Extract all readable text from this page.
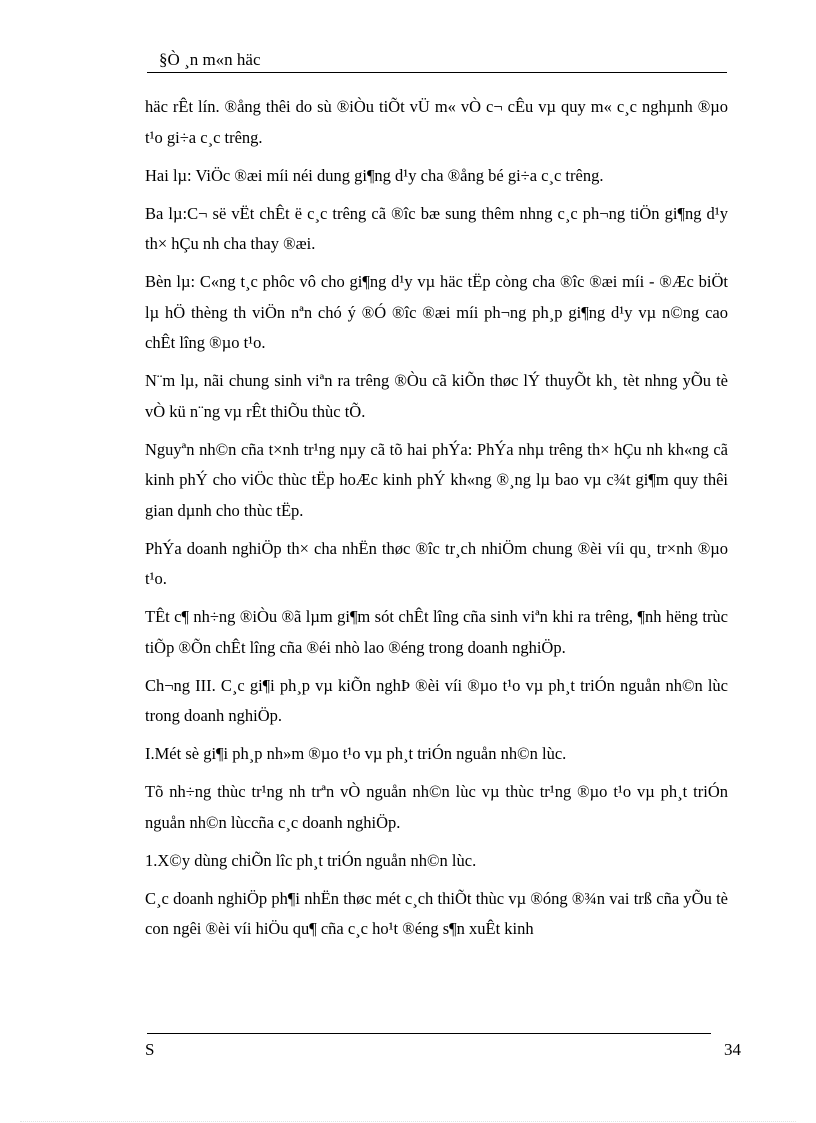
§Ò ¸n m«n häc

häc rÊt lín. ®ång thêi do sù ®iÒu tiÕt vÜ m« vÒ c¬ cÊu vµ quy m« c¸c nghµnh ®µo t¹o gi÷a c¸c trêng.

Hai lµ: ViÖc ®æi míi néi dung gi¶ng d¹y cha ®ång bé gi÷a c¸c trêng.

Ba lµ:C¬ së vËt chÊt ë c¸c trêng cã ®îc bæ sung thêm nhng c¸c ph¬ng tiÖn gi¶ng d¹y th× hÇu nh cha thay ®æi.

Bèn lµ: C«ng t¸c phôc vô cho gi¶ng d¹y vµ häc tËp còng cha ®îc ®æi míi - ®Æc biÖt lµ hÖ thèng th viÖn nªn chó ý ®Ó ®îc ®æi míi ph¬ng ph¸p gi¶ng d¹y vµ n©ng cao chÊt lîng ®µo t¹o.

N¨m lµ, nãi chung sinh viªn ra trêng ®Òu cã kiÕn thøc lÝ thuyÕt kh¸ tèt nhng yÕu tè vÒ kü n¨ng vµ rÊt thiÕu thùc tÕ.

Nguyªn nh©n cña t×nh tr¹ng nµy cã tõ hai phÝa: PhÝa nhµ trêng th× hÇu nh kh«ng cã kinh phÝ cho viÖc thùc tËp hoÆc kinh phÝ kh«ng ®¸ng lµ bao vµ c¾t gi¶m quy thêi gian dµnh cho thùc tËp.

PhÝa doanh nghiÖp th× cha nhËn thøc ®îc tr¸ch nhiÖm chung ®èi víi qu¸ tr×nh ®µo t¹o.

TÊt c¶ nh÷ng ®iÒu ®ã lµm gi¶m sót chÊt lîng cña sinh viªn khi ra trêng, ¶nh hëng trùc tiÕp ®Õn chÊt lîng cña ®éi nhò lao ®éng trong doanh nghiÖp.

Ch¬ng III. C¸c gi¶i ph¸p vµ kiÕn nghÞ ®èi víi ®µo t¹o vµ ph¸t triÓn nguån nh©n lùc trong doanh nghiÖp.

I.Mét sè gi¶i ph¸p nh»m ®µo t¹o vµ ph¸t triÓn nguån nh©n lùc.

Tõ nh÷ng thùc tr¹ng nh trªn vÒ nguån nh©n lùc vµ thùc tr¹ng ®µo t¹o vµ ph¸t triÓn nguån nh©n lùccña c¸c doanh nghiÖp.

1.X©y dùng chiÕn lîc ph¸t triÓn nguån nh©n lùc.

C¸c doanh nghiÖp ph¶i nhËn thøc mét c¸ch thiÕt thùc vµ ®óng ®¾n vai trß cña yÕu tè con ngêi ®èi víi hiÖu qu¶ cña c¸c ho¹t ®éng s¶n xuÊt kinh

S	34
